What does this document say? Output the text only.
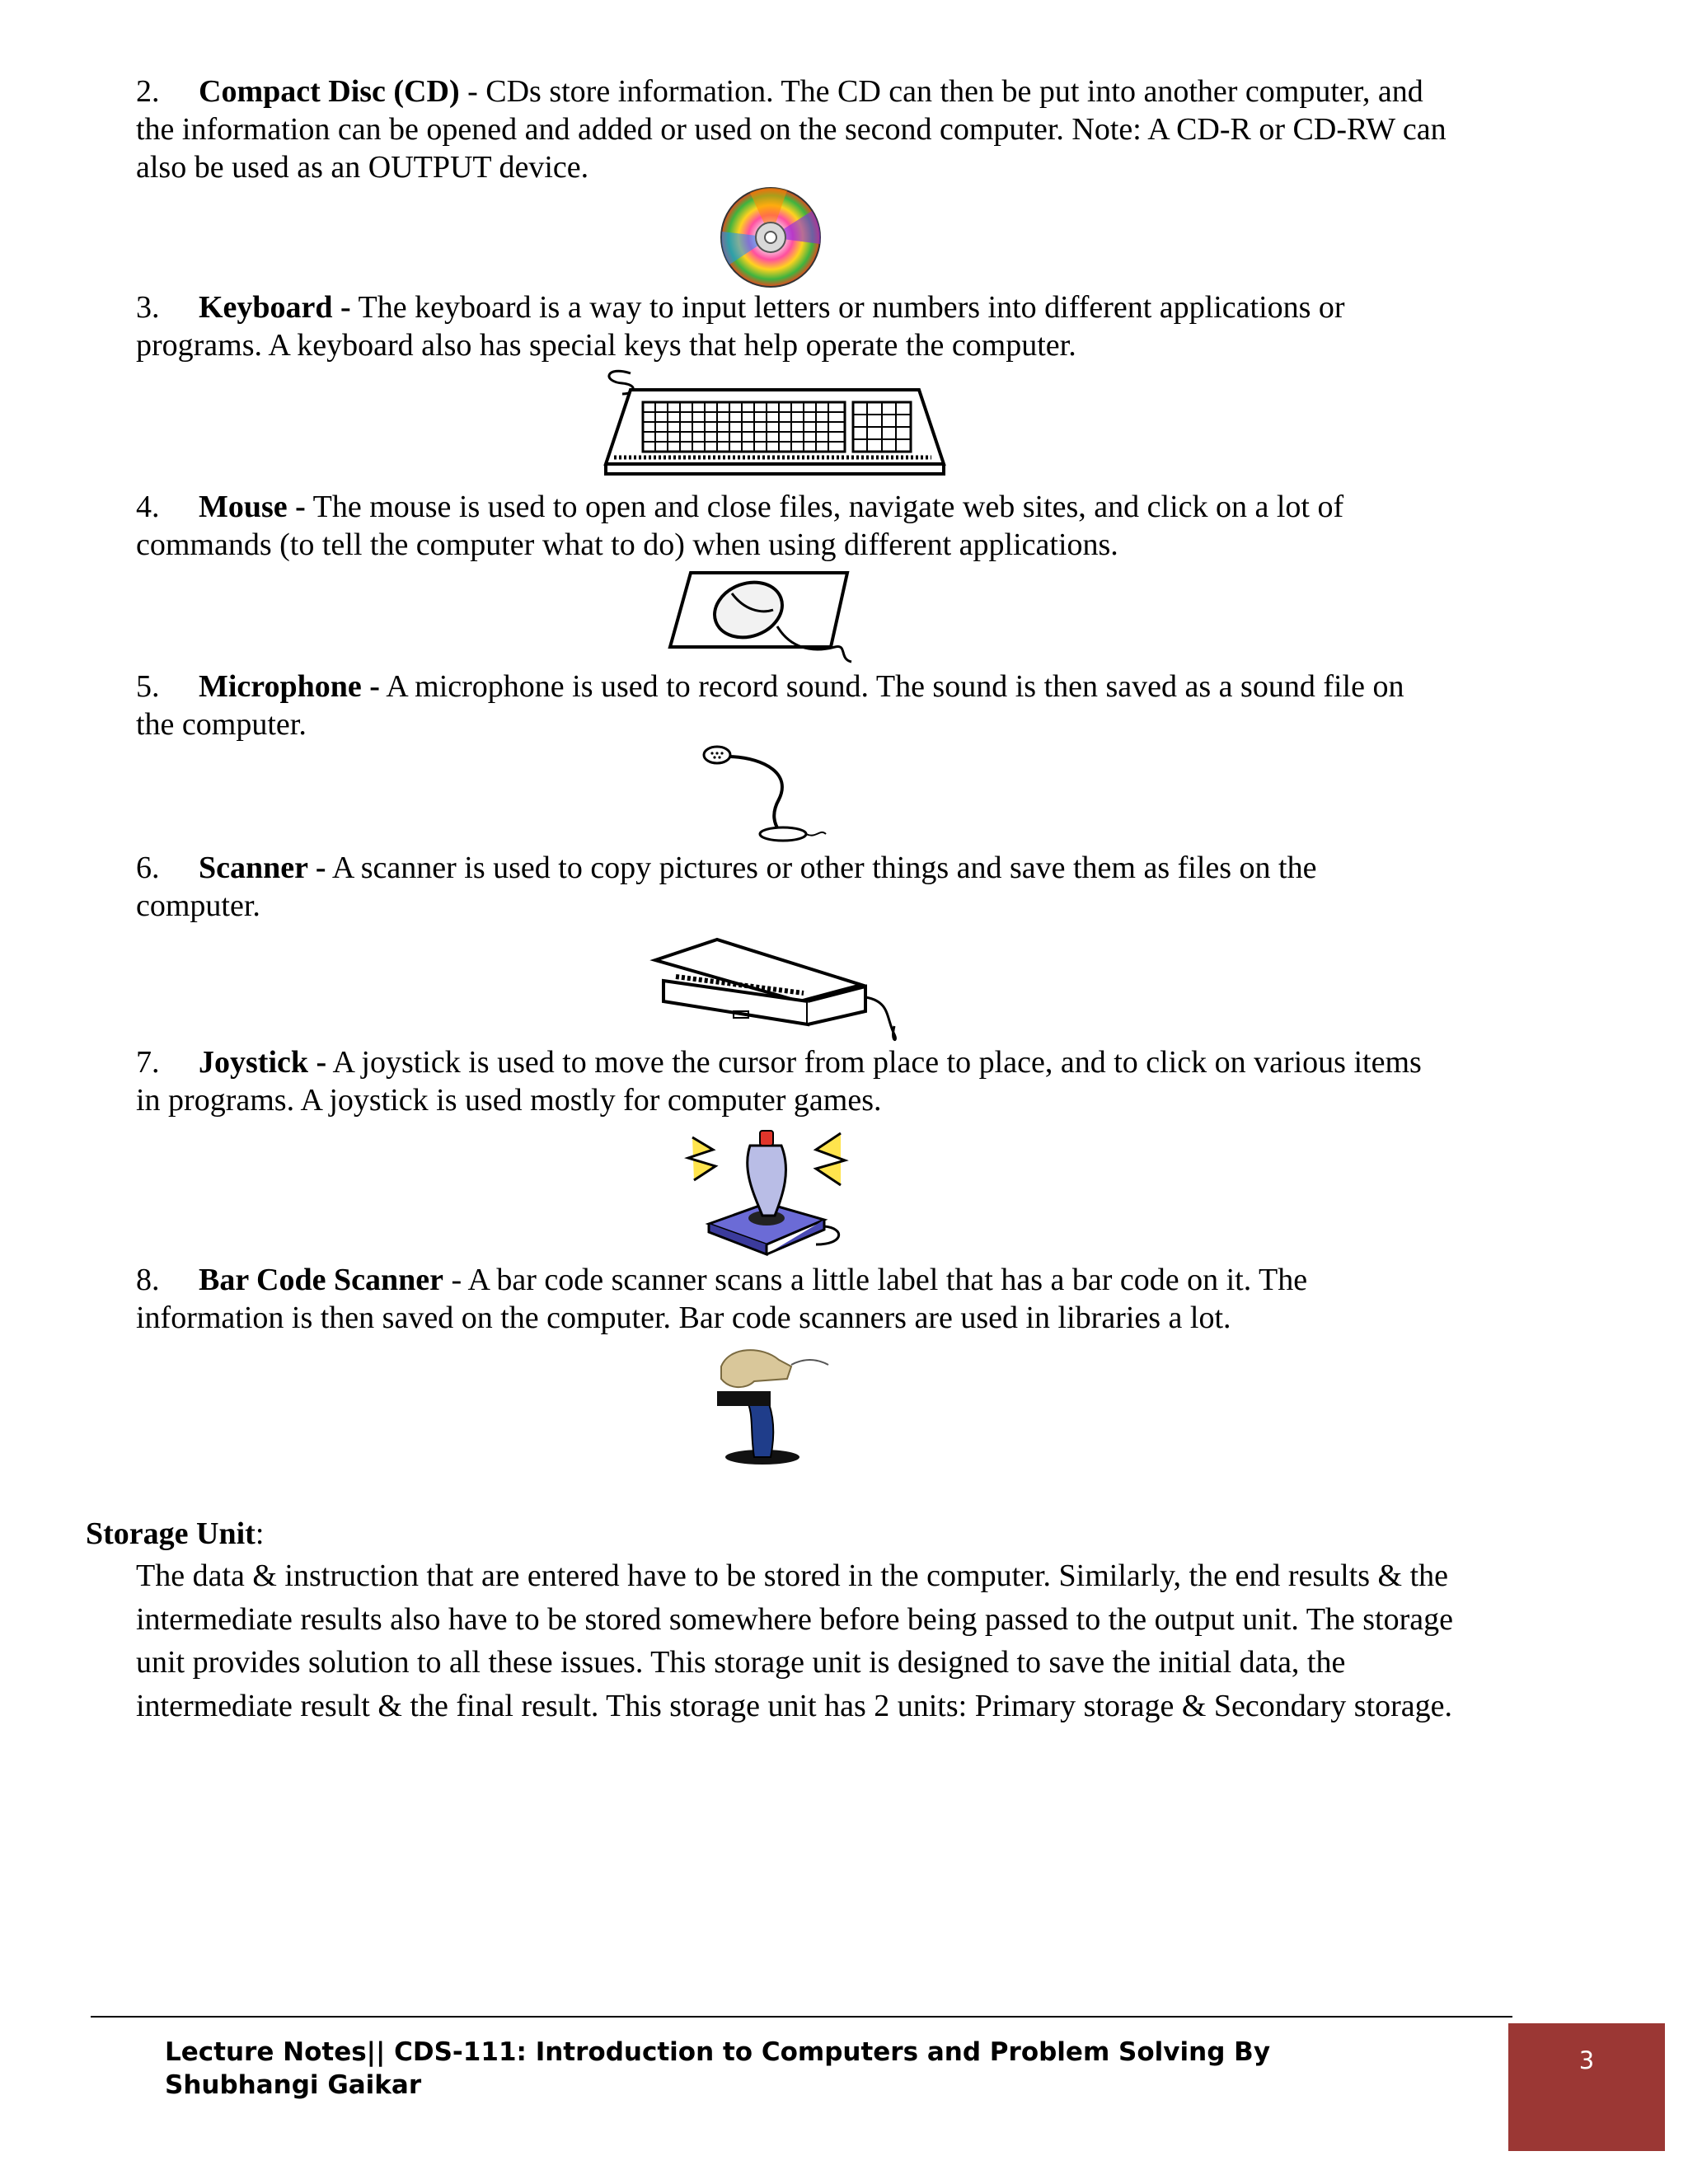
2. Compact Disc (CD) - CDs store information. The CD can then be put into another computer, and the information can be opened and added or used on the second computer. Note: A CD-R or CD-RW can also be used as an OUTPUT device.
3. Keyboard - The keyboard is a way to input letters or numbers into different applications or programs. A keyboard also has special keys that help operate the computer.
4. Mouse - The mouse is used to open and close files, navigate web sites, and click on a lot of commands (to tell the computer what to do) when using different applications.
5. Microphone - A microphone is used to record sound. The sound is then saved as a sound file on the computer.
6. Scanner - A scanner is used to copy pictures or other things and save them as files on the computer.
7. Joystick - A joystick is used to move the cursor from place to place, and to click on various items in programs. A joystick is used mostly for computer games.
8. Bar Code Scanner - A bar code scanner scans a little label that has a bar code on it. The information is then saved on the computer. Bar code scanners are used in libraries a lot.
Storage Unit:
The data & instruction that are entered have to be stored in the computer. Similarly, the end results & the intermediate results also have to be stored somewhere before being passed to the output unit. The storage unit provides solution to all these issues. This storage unit is designed to save the initial data, the intermediate result & the final result. This storage unit has 2 units: Primary storage & Secondary storage.
Lecture Notes|| CDS-111: Introduction to Computers and Problem Solving By Shubhangi Gaikar
3
